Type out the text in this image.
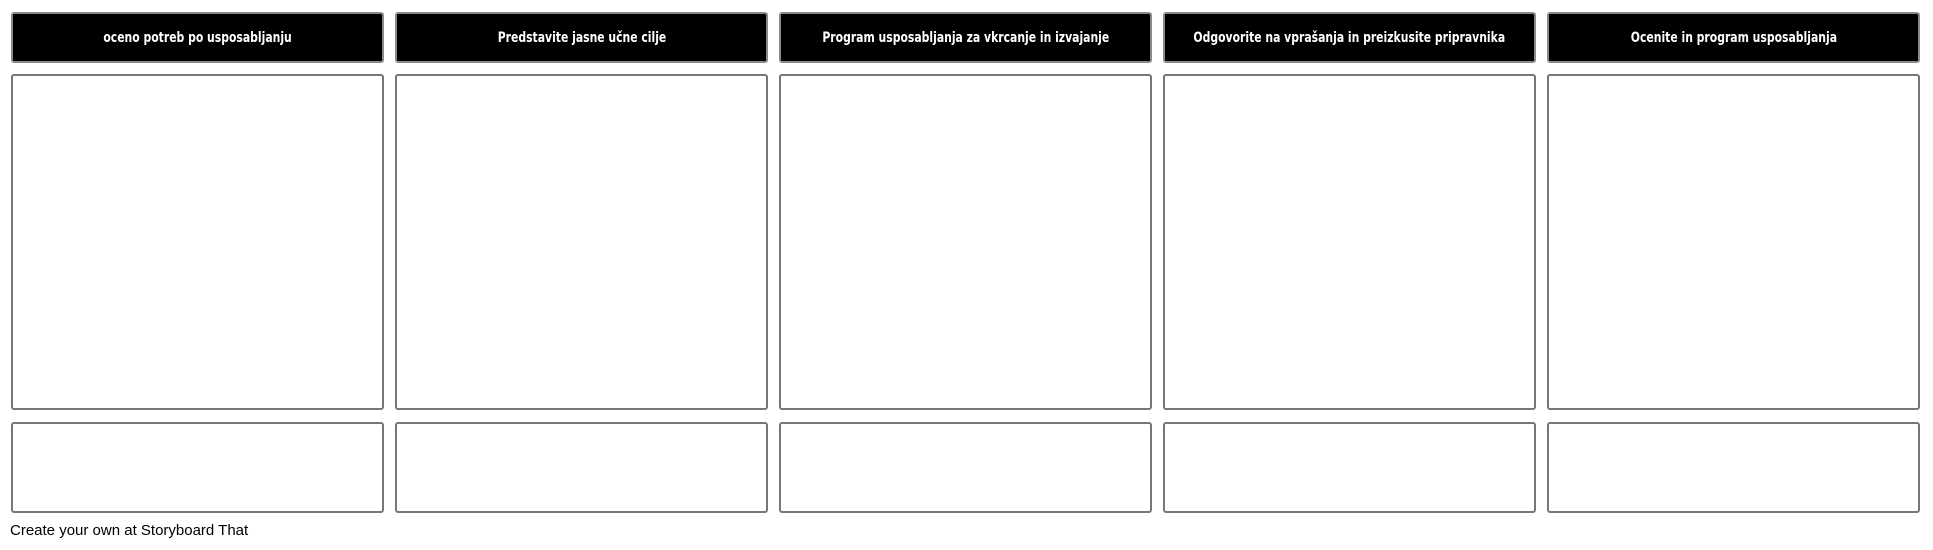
oceno potreb po usposabljanju	Predstavite jasne učne cilje	Program usposabljanja za vkrcanje in izvajanje	Odgovorite na vprašanja in preizkusite pripravnika	Ocenite in program usposabljanja
Create your own at Storyboard That
